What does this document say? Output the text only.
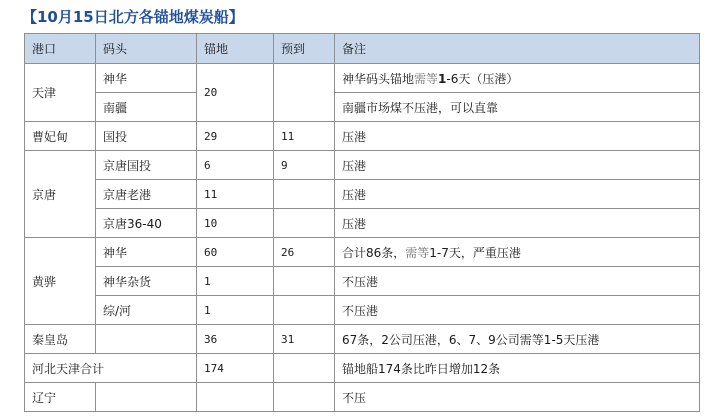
【10月15日北方各锚地煤炭船】
港口	码头	锚地	预到	备注
天津	神华	20		神华码头锚地需等1-6天（压港）
	南疆			南疆市场煤不压港，可以直靠
曹妃甸	国投	29	11	压港
京唐	京唐国投	6	9	压港
	京唐老港	11		压港
	京唐36-40	10		压港
黄骅	神华	60	26	合计86条，需等1-7天，严重压港
	神华杂货	1		不压港
	综/河	1		不压港
秦皇岛		36	31	67条，2公司压港，6、7、9公司需等1-5天压港
河北天津合计		174		锚地船174条比昨日增加12条
辽宁				不压
